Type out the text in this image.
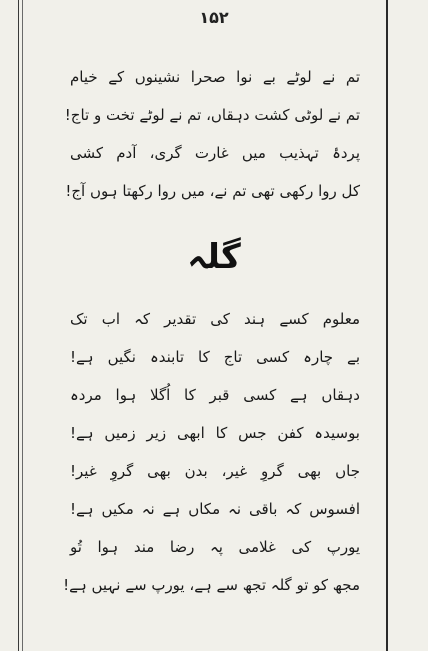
۱۵۲
تم نے لوٹے بے نوا صحرا نشینوں کے خیام
تم نے لوٹی کشت دہقاں، تم نے لوٹے تخت و تاج!
پردۂ تہذیب میں غارت گری، آدم کشی
کل روا رکھی تھی تم نے، میں روا رکھتا ہوں آج!
گلہ
معلوم کسے ہند کی تقدیر کہ اب تک
بے چارہ کسی تاج کا تابندہ نگیں ہے!
دہقاں ہے کسی قبر کا اُگلا ہوا مردہ
بوسیدہ کفن جس کا ابھی زیر زمیں ہے!
جاں بھی گروِ غیر، بدن بھی گروِ غیر!
افسوس کہ باقی نہ مکاں ہے نہ مکیں ہے!
یورپ کی غلامی پہ رضا مند ہوا تُو
مجھ کو تو گلہ تجھ سے ہے، یورپ سے نہیں ہے!
